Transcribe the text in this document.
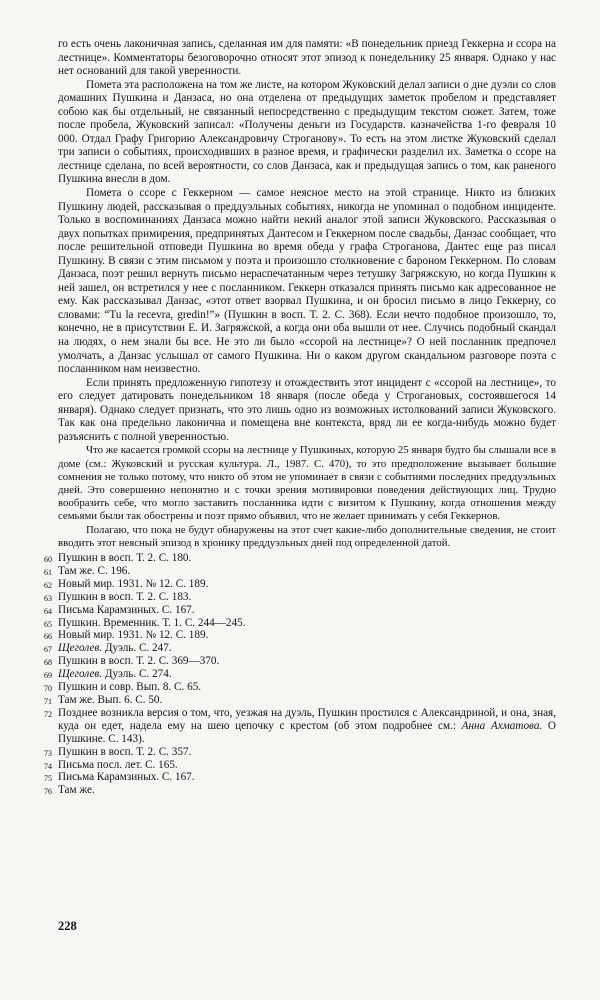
го есть очень лаконичная запись, сделанная им для памяти: «В понедельник приезд Геккерна и ссора на лестнице». Комментаторы безоговорочно относят этот эпизод к понедельнику 25 января. Однако у нас нет оснований для такой уверенности.

Помета эта расположена на том же листе, на котором Жуковский делал записи о дне дуэли со слов домашних Пушкина и Данзаса, но она отделена от предыдущих заметок пробелом и представляет собою как бы отдельный, не связанный непосредственно с предыдущим текстом сюжет. Затем, тоже после пробела, Жуковский записал: «Получены деньги из Государств. казначейства 1-го февраля 10 000. Отдал Графу Григорию Александровичу Строганову». То есть на этом листке Жуковский сделал три записи о событиях, происходивших в разное время, и графически разделил их. Заметка о ссоре на лестнице сделана, по всей вероятности, со слов Данзаса, как и предыдущая запись о том, как раненого Пушкина внесли в дом.

Помета о ссоре с Геккерном — самое неясное место на этой странице. Никто из близких Пушкину людей, рассказывая о преддуэльных событиях, никогда не упоминал о подобном инциденте. Только в воспоминаниях Данзаса можно найти некий аналог этой записи Жуковского. Рассказывая о двух попытках примирения, предпринятых Дантесом и Геккерном после свадьбы, Данзас сообщает, что после решительной отповеди Пушкина во время обеда у графа Строганова, Дантес еще раз писал Пушкину. В связи с этим письмом у поэта и произошло столкновение с бароном Геккерном. По словам Данзаса, поэт решил вернуть письмо нераспечатанным через тетушку Загряжскую, но когда Пушкин к ней зашел, он встретился у нее с посланником. Геккерн отказался принять письмо как адресованное не ему. Как рассказывал Данзас, «этот ответ взорвал Пушкина, и он бросил письмо в лицо Геккерну, со словами: “Tu la recevra, gredin!”» (Пушкин в восп. Т. 2. С. 368). Если нечто подобное произошло, то, конечно, не в присутствии Е. И. Загряжской, а когда они оба вышли от нее. Случись подобный скандал на людях, о нем знали бы все. Не это ли было «ссорой на лестнице»? О ней посланник предпочел умолчать, а Данзас услышал от самого Пушкина. Ни о каком другом скандальном разговоре поэта с посланником нам неизвестно.

Если принять предложенную гипотезу и отождествить этот инцидент с «ссорой на лестнице», то его следует датировать понедельником 18 января (после обеда у Строгановых, состоявшегося 14 января). Однако следует признать, что это лишь одно из возможных истолкований записи Жуковского. Так как она предельно лаконична и помещена вне контекста, вряд ли ее когда-нибудь можно будет разъяснить с полной уверенностью.

Что же касается громкой ссоры на лестнице у Пушкиных, которую 25 января будто бы слышали все в доме (см.: Жуковский и русская культура. Л., 1987. С. 470), то это предположение вызывает большие сомнения не только потому, что никто об этом не упоминает в связи с событиями последних преддуэльных дней. Это совершенно непонятно и с точки зрения мотивировки поведения действующих лиц. Трудно вообразить себе, что могло заставить посланника идти с визитом к Пушкину, когда отношения между семьями были так обострены и поэт прямо объявил, что не желает принимать у себя Геккернов.

Полагаю, что пока не будут обнаружены на этот счет какие-либо дополнительные сведения, не стоит вводить этот неясный эпизод в хронику преддуэльных дней под определенной датой.

60 Пушкин в восп. Т. 2. С. 180.
61 Там же. С. 196.
62 Новый мир. 1931. № 12. С. 189.
63 Пушкин в восп. Т. 2. С. 183.
64 Письма Карамзиных. С. 167.
65 Пушкин. Временник. Т. 1. С. 244—245.
66 Новый мир. 1931. № 12. С. 189.
67 Щеголев. Дуэль. С. 247.
68 Пушкин в восп. Т. 2. С. 369—370.
69 Щеголев. Дуэль. С. 274.
70 Пушкин и совр. Вып. 8. С. 65.
71 Там же. Вып. 6. С. 50.
72 Позднее возникла версия о том, что, уезжая на дуэль, Пушкин простился с Александриной, и она, зная, куда он едет, надела ему на шею цепочку с крестом (об этом подробнее см.: Анна Ахматова. О Пушкине. С. 143).
73 Пушкин в восп. Т. 2. С. 357.
74 Письма посл. лет. С. 165.
75 Письма Карамзиных. С. 167.
76 Там же.
228
